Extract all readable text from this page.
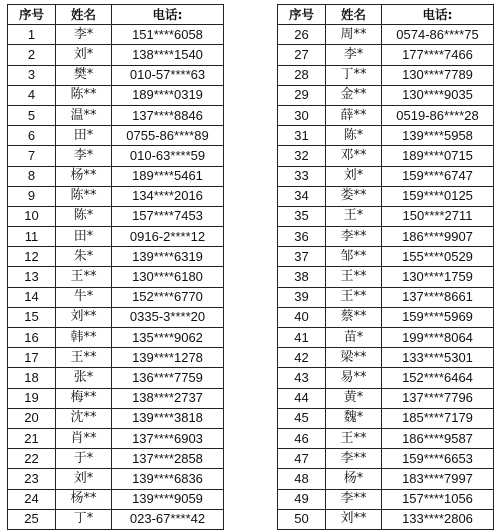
序号	姓名	电话:
1	李*	151****6058
2	刘*	138****1540
3	樊*	010-57****63
4	陈**	189****0319
5	温**	137****8846
6	田*	0755-86****89
7	李*	010-63****59
8	杨**	189****5461
9	陈**	134****2016
10	陈*	157****7453
11	田*	0916-2****12
12	朱*	139****6319
13	王**	130****6180
14	牛*	152****6770
15	刘**	0335-3****20
16	韩**	135****9062
17	王**	139****1278
18	张*	136****7759
19	梅**	138****2737
20	沈**	139****3818
21	肖**	137****6903
22	于*	137****2858
23	刘*	139****6836
24	杨**	139****9059
25	丁*	023-67****42
序号	姓名	电话:
26	周**	0574-86****75
27	李*	177****7466
28	丁**	130****7789
29	金**	130****9035
30	薛**	0519-86****28
31	陈*	139****5958
32	邓**	189****0715
33	刘*	159****6747
34	娄**	159****0125
35	王*	150****2711
36	李**	186****9907
37	邹**	155****0529
38	王**	130****1759
39	王**	137****8661
40	蔡**	159****5969
41	苗*	199****8064
42	梁**	133****5301
43	易**	152****6464
44	黄*	137****7796
45	魏*	185****7179
46	王**	186****9587
47	李**	159****6653
48	杨*	183****7997
49	李**	157****1056
50	刘**	133****2806
